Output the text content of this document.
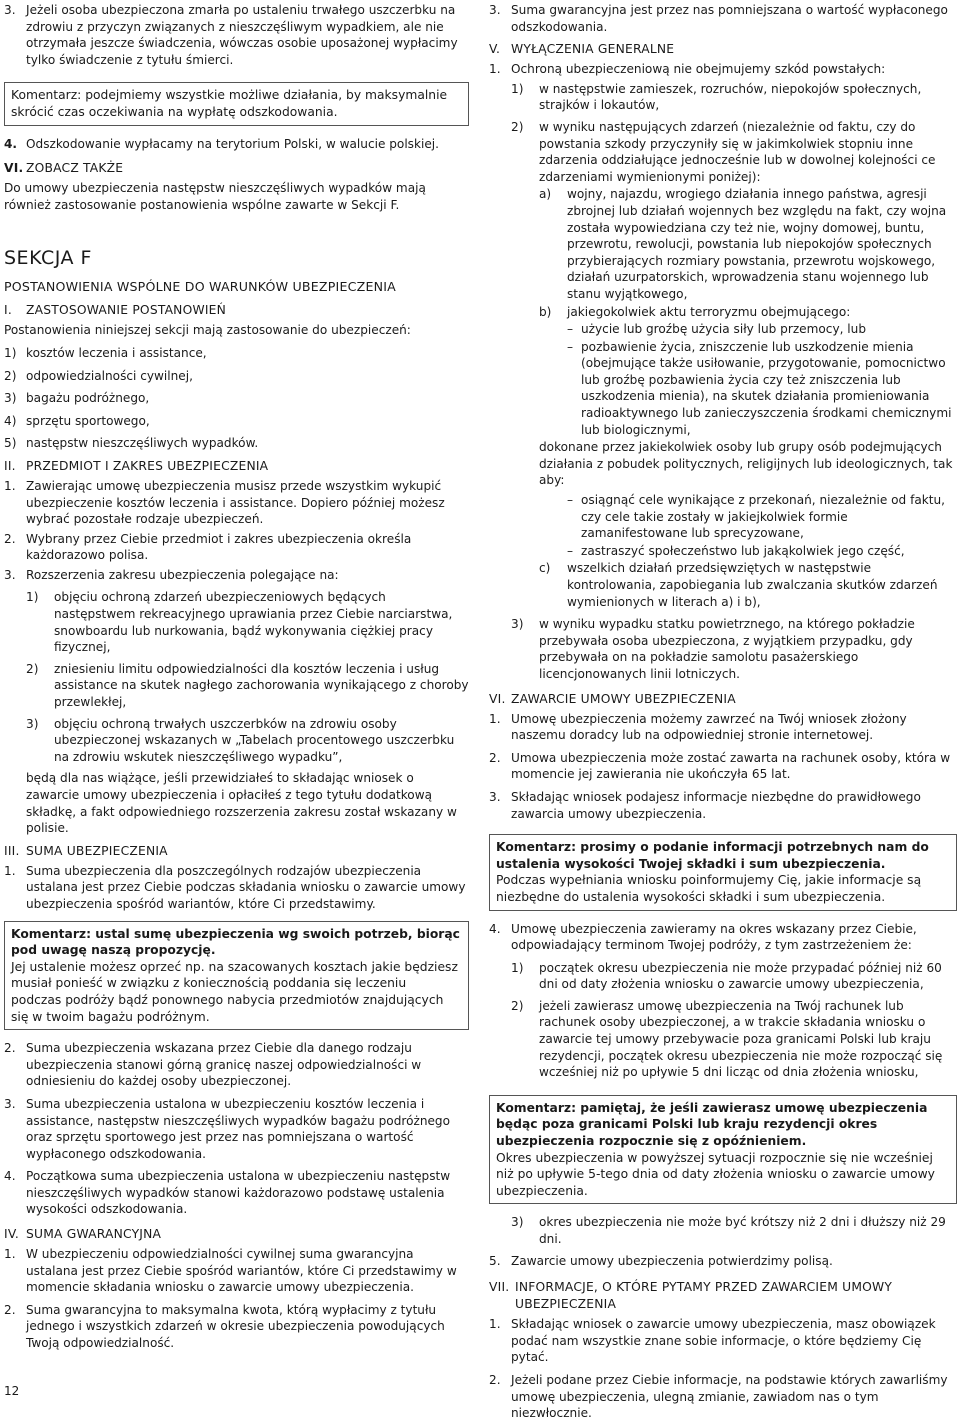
3. Jeżeli osoba ubezpieczona zmarła po ustaleniu trwałego uszczerbku na zdrowiu z przyczyn związanych z nieszczęśliwym wypadkiem, ale nie otrzymała jeszcze świadczenia, wówczas osobie uposażonej wypłacimy tylko świadczenie z tytułu śmierci.
Komentarz: podejmiemy wszystkie możliwe działania, by maksymalnie skrócić czas oczekiwania na wypłatę odszkodowania.
4. Odszkodowanie wypłacamy na terytorium Polski, w walucie polskiej.
VI. ZOBACZ TAKŻE
Do umowy ubezpieczenia następstw nieszczęśliwych wypadków mają również zastosowanie postanowienia wspólne zawarte w Sekcji F.
SEKCJA F
POSTANOWIENIA WSPÓLNE DO WARUNKÓW UBEZPIECZENIA
I.	ZASTOSOWANIE POSTANOWIEŃ
Postanowienia niniejszej sekcji mają zastosowanie do ubezpieczeń:
1) kosztów leczenia i assistance,
2) odpowiedzialności cywilnej,
3) bagażu podróżnego,
4) sprzętu sportowego,
5) następstw nieszczęśliwych wypadków.
II. PRZEDMIOT I ZAKRES UBEZPIECZENIA
1. Zawierając umowę ubezpieczenia musisz przede wszystkim wykupić ubezpieczenie kosztów leczenia i assistance. Dopiero później możesz wybrać pozostałe rodzaje ubezpieczeń.
2. Wybrany przez Ciebie przedmiot i zakres ubezpieczenia określa każdorazowo polisa.
3. Rozszerzenia zakresu ubezpieczenia polegające na:
1)	objęciu ochroną zdarzeń ubezpieczeniowych będących następstwem rekreacyjnego uprawiania przez Ciebie narciarstwa, snowboardu lub nurkowania, bądź wykonywania ciężkiej pracy fizycznej,
2)	zniesieniu limitu odpowiedzialności dla kosztów leczenia i usług assistance na skutek nagłego zachorowania wynikającego z choroby przewlekłej,
3)	objęciu ochroną trwałych uszczerbków na zdrowiu osoby ubezpieczonej wskazanych w „Tabelach procentowego uszczerbku na zdrowiu wskutek nieszczęśliwego wypadku”,
będą dla nas wiążące, jeśli przewidziałeś to składając wniosek o zawarcie umowy ubezpieczenia i opłaciłeś z tego tytułu dodatkową składkę, a fakt odpowiedniego rozszerzenia zakresu został wskazany w polisie.
III. SUMA UBEZPIECZENIA
1. Suma ubezpieczenia dla poszczególnych rodzajów ubezpieczenia ustalana jest przez Ciebie podczas składania wniosku o zawarcie umowy ubezpieczenia spośród wariantów, które Ci przedstawimy.
Komentarz: ustal sumę ubezpieczenia wg swoich potrzeb, biorąc pod uwagę naszą propozycję.
Jej ustalenie możesz oprzeć np. na szacowanych kosztach jakie będziesz musiał ponieść w związku z koniecznością poddania się leczeniu podczas podróży bądź ponownego nabycia przedmiotów znajdujących się w twoim bagażu podróżnym.
2. Suma ubezpieczenia wskazana przez Ciebie dla danego rodzaju ubezpieczenia stanowi górną granicę naszej odpowiedzialności w odniesieniu do każdej osoby ubezpieczonej.
3. Suma ubezpieczenia ustalona w ubezpieczeniu kosztów leczenia i assistance, następstw nieszczęśliwych wypadków bagażu podróżnego oraz sprzętu sportowego jest przez nas pomniejszana o wartość wypłaconego odszkodowania.
4. Początkowa suma ubezpieczenia ustalona w ubezpieczeniu następstw nieszczęśliwych wypadków stanowi każdorazowo podstawę ustalenia wysokości odszkodowania.
IV. SUMA GWARANCYJNA
1. W ubezpieczeniu odpowiedzialności cywilnej suma gwarancyjna ustalana jest przez Ciebie spośród wariantów, które Ci przedstawimy w momencie składania wniosku o zawarcie umowy ubezpieczenia.
2. Suma gwarancyjna to maksymalna kwota, którą wypłacimy z tytułu jednego i wszystkich zdarzeń w okresie ubezpieczenia powodujących Twoją odpowiedzialność.
3. Suma gwarancyjna jest przez nas pomniejszana o wartość wypłaconego odszkodowania.
V. WYŁĄCZENIA GENERALNE
1. Ochroną ubezpieczeniową nie obejmujemy szkód powstałych:
1)	w następstwie zamieszek, rozruchów, niepokojów społecznych, strajków i lokautów,
2)	w wyniku następujących zdarzeń (niezależnie od faktu, czy do powstania szkody przyczyniły się w jakimkolwiek stopniu inne zdarzenia oddziałujące jednocześnie lub w dowolnej kolejności ce zdarzeniami wymienionymi poniżej):
a)	wojny, najazdu, wrogiego działania innego państwa, agresji zbrojnej lub działań wojennych bez względu na fakt, czy wojna została wypowiedziana czy też nie, wojny domowej, buntu, przewrotu, rewolucji, powstania lub niepokojów społecznych przybierających rozmiary powstania, przewrotu wojskowego, działań uzurpatorskich, wprowadzenia stanu wojennego lub stanu wyjątkowego,
b)	jakiegokolwiek aktu terroryzmu obejmującego:
– użycie lub groźbę użycia siły lub przemocy, lub
– pozbawienie życia, zniszczenie lub uszkodzenie mienia (obejmujące także usiłowanie, przygotowanie, pomocnictwo lub groźbę pozbawienia życia czy też zniszczenia lub uszkodzenia mienia), na skutek działania promieniowania radioaktywnego lub zanieczyszczenia środkami chemicznymi lub biologicznymi,
dokonane przez jakiekolwiek osoby lub grupy osób podejmujących działania z pobudek politycznych, religijnych lub ideologicznych, tak aby:
– osiągnąć cele wynikające z przekonań, niezależnie od faktu, czy cele takie zostały w jakiejkolwiek formie zamanifestowane lub sprecyzowane,
– zastraszyć społeczeństwo lub jakąkolwiek jego część,
c)	wszelkich działań przedsięwziętych w następstwie kontrolowania, zapobiegania lub zwalczania skutków zdarzeń wymienionych w literach a) i b),
3)	w wyniku wypadku statku powietrznego, na którego pokładzie przebywała osoba ubezpieczona, z wyjątkiem przypadku, gdy przebywała on na pokładzie samolotu pasażerskiego licencjonowanych linii lotniczych.
VI. ZAWARCIE UMOWY UBEZPIECZENIA
1. Umowę ubezpieczenia możemy zawrzeć na Twój wniosek złożony naszemu doradcy lub na odpowiedniej stronie internetowej.
2. Umowa ubezpieczenia może zostać zawarta na rachunek osoby, która w momencie jej zawierania nie ukończyła 65 lat.
3. Składając wniosek podajesz informacje niezbędne do prawidłowego zawarcia umowy ubezpieczenia.
Komentarz: prosimy o podanie informacji potrzebnych nam do ustalenia wysokości Twojej składki i sum ubezpieczenia.
Podczas wypełniania wniosku poinformujemy Cię, jakie informacje są niezbędne do ustalenia wysokości składki i sum ubezpieczenia.
4. Umowę ubezpieczenia zawieramy na okres wskazany przez Ciebie, odpowiadający terminom Twojej podróży, z tym zastrzeżeniem że:
1)	początek okresu ubezpieczenia nie może przypadać później niż 60 dni od daty złożenia wniosku o zawarcie umowy ubezpieczenia,
2)	jeżeli zawierasz umowę ubezpieczenia na Twój rachunek lub rachunek osoby ubezpieczonej, a w trakcie składania wniosku o zawarcie tej umowy przebywacie poza granicami Polski lub kraju rezydencji, początek okresu ubezpieczenia nie może rozpocząć się wcześniej niż po upływie 5 dni licząc od dnia złożenia wniosku,
Komentarz: pamiętaj, że jeśli zawierasz umowę ubezpieczenia będąc poza granicami Polski lub kraju rezydencji okres ubezpieczenia rozpocznie się z opóźnieniem.
Okres ubezpieczenia w powyższej sytuacji rozpocznie się nie wcześniej niż po upływie 5-tego dnia od daty złożenia wniosku o zawarcie umowy ubezpieczenia.
3)	okres ubezpieczenia nie może być krótszy niż 2 dni i dłuższy niż 29 dni.
5. Zawarcie umowy ubezpieczenia potwierdzimy polisą.
VII. INFORMACJE, O KTÓRE PYTAMY PRZED ZAWARCIEM UMOWY UBEZPIECZENIA
1. Składając wniosek o zawarcie umowy ubezpieczenia, masz obowiązek podać nam wszystkie znane sobie informacje, o które będziemy Cię pytać.
2. Jeżeli podane przez Ciebie informacje, na podstawie których zawarliśmy umowę ubezpieczenia, ulegną zmianie, zawiadom nas o tym niezwłocznie.
12
